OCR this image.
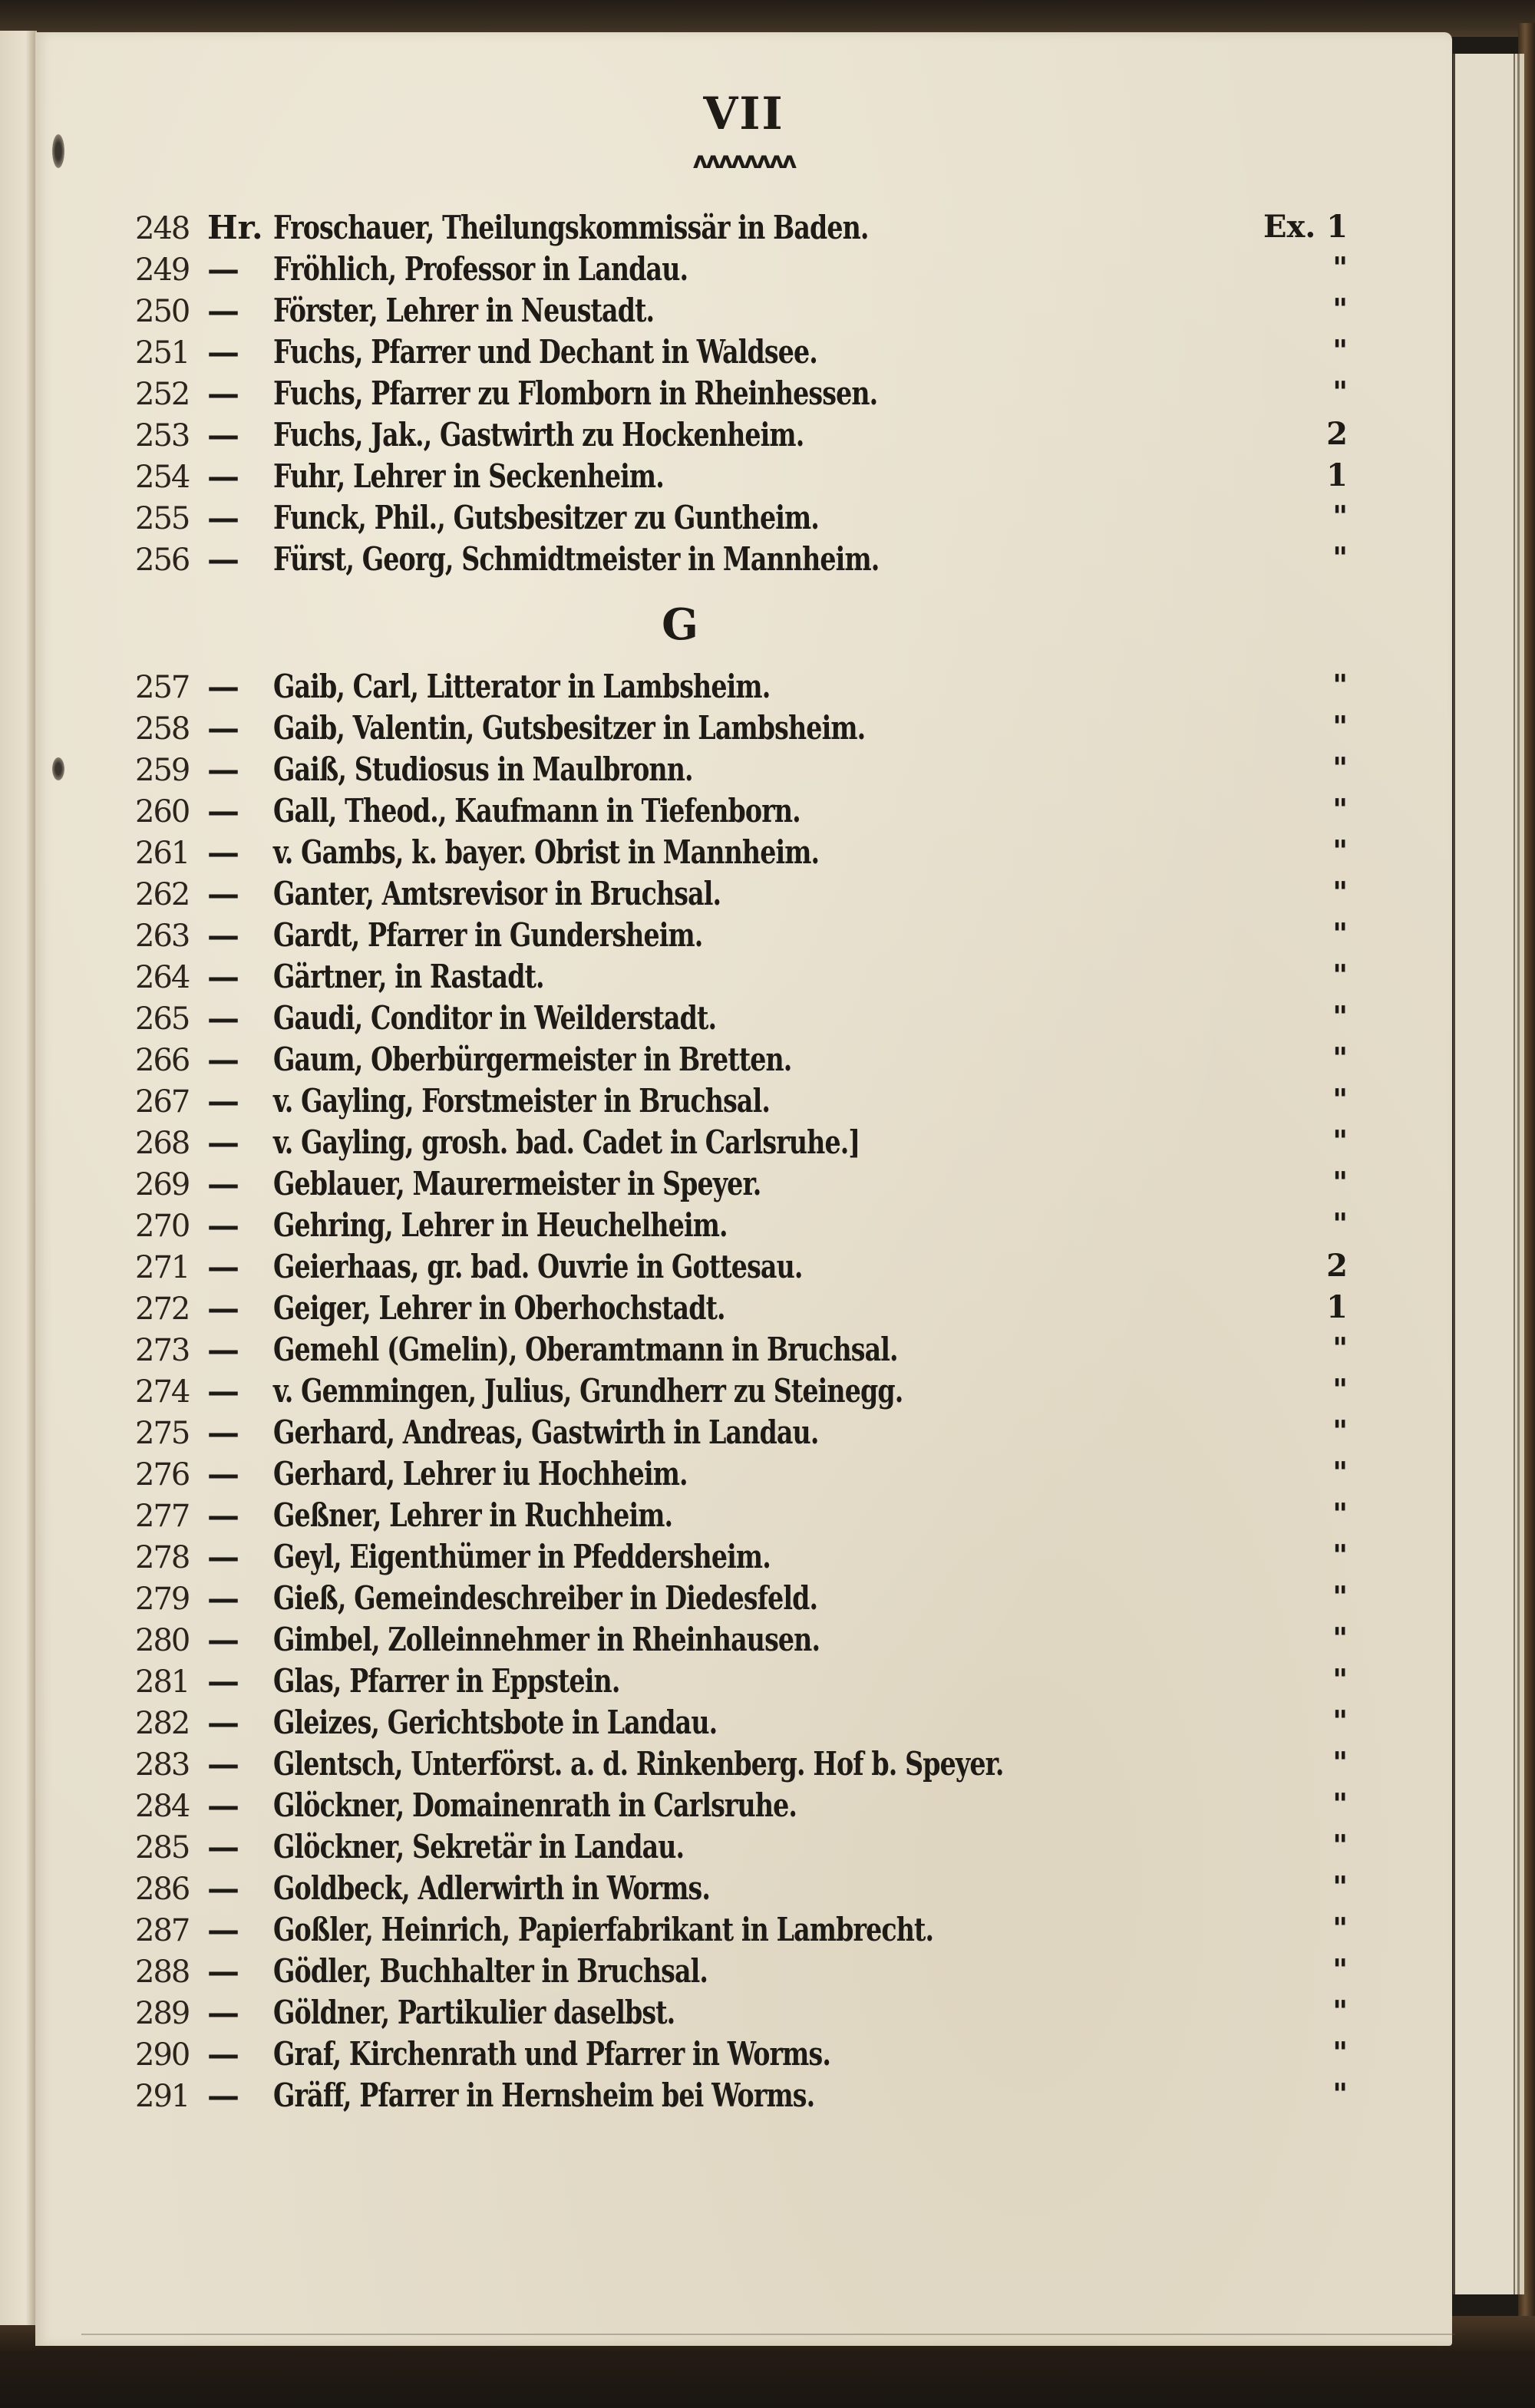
VII
ʌʌʌʌʌʌʌʌ
248 Hr. Froschauer, Theilungskommissär in Baden.	Ex. 1
249 —	Fröhlich, Professor in Landau.	"
250 —	Förster, Lehrer in Neustadt.	"
251 —	Fuchs, Pfarrer und Dechant in Waldsee.	"
252 —	Fuchs, Pfarrer zu Flomborn in Rheinhessen.	"
253 —	Fuchs, Jak., Gastwirth zu Hockenheim.	2
254 —	Fuhr, Lehrer in Seckenheim.	1
255 —	Funck, Phil., Gutsbesitzer zu Guntheim.	"
256 —	Fürst, Georg, Schmidtmeister in Mannheim.	"
G
257 —	Gaib, Carl, Litterator in Lambsheim.	"
258 —	Gaib, Valentin, Gutsbesitzer in Lambsheim.	"
259 —	Gaiß, Studiosus in Maulbronn.	"
260 —	Gall, Theod., Kaufmann in Tiefenborn.	"
261 —	v. Gambs, k. bayer. Obrist in Mannheim.	"
262 —	Ganter, Amtsrevisor in Bruchsal.	"
263 —	Gardt, Pfarrer in Gundersheim.	"
264 —	Gärtner, in Rastadt.	"
265 —	Gaudi, Conditor in Weilderstadt.	"
266 —	Gaum, Oberbürgermeister in Bretten.	"
267 —	v. Gayling, Forstmeister in Bruchsal.	"
268 —	v. Gayling, grosh. bad. Cadet in Carlsruhe.]	"
269 —	Geblauer, Maurermeister in Speyer.	"
270 —	Gehring, Lehrer in Heuchelheim.	"
271 —	Geierhaas, gr. bad. Ouvrie in Gottesau.	2
272 —	Geiger, Lehrer in Oberhochstadt.	1
273 —	Gemehl (Gmelin), Oberamtmann in Bruchsal.	"
274 —	v. Gemmingen, Julius, Grundherr zu Steinegg.	"
275 —	Gerhard, Andreas, Gastwirth in Landau.	"
276 —	Gerhard, Lehrer iu Hochheim.	"
277 —	Geßner, Lehrer in Ruchheim.	"
278 —	Geyl, Eigenthümer in Pfeddersheim.	"
279 —	Gieß, Gemeindeschreiber in Diedesfeld.	"
280 —	Gimbel, Zolleinnehmer in Rheinhausen.	"
281 —	Glas, Pfarrer in Eppstein.	"
282 —	Gleizes, Gerichtsbote in Landau.	"
283 —	Glentsch, Unterförst. a. d. Rinkenberg. Hof b. Speyer.	"
284 —	Glöckner, Domainenrath in Carlsruhe.	"
285 —	Glöckner, Sekretär in Landau.	"
286 —	Goldbeck, Adlerwirth in Worms.	"
287 —	Goßler, Heinrich, Papierfabrikant in Lambrecht.	"
288 —	Gödler, Buchhalter in Bruchsal.	"
289 —	Göldner, Partikulier daselbst.	"
290 —	Graf, Kirchenrath und Pfarrer in Worms.	"
291 —	Gräff, Pfarrer in Hernsheim bei Worms.	"
